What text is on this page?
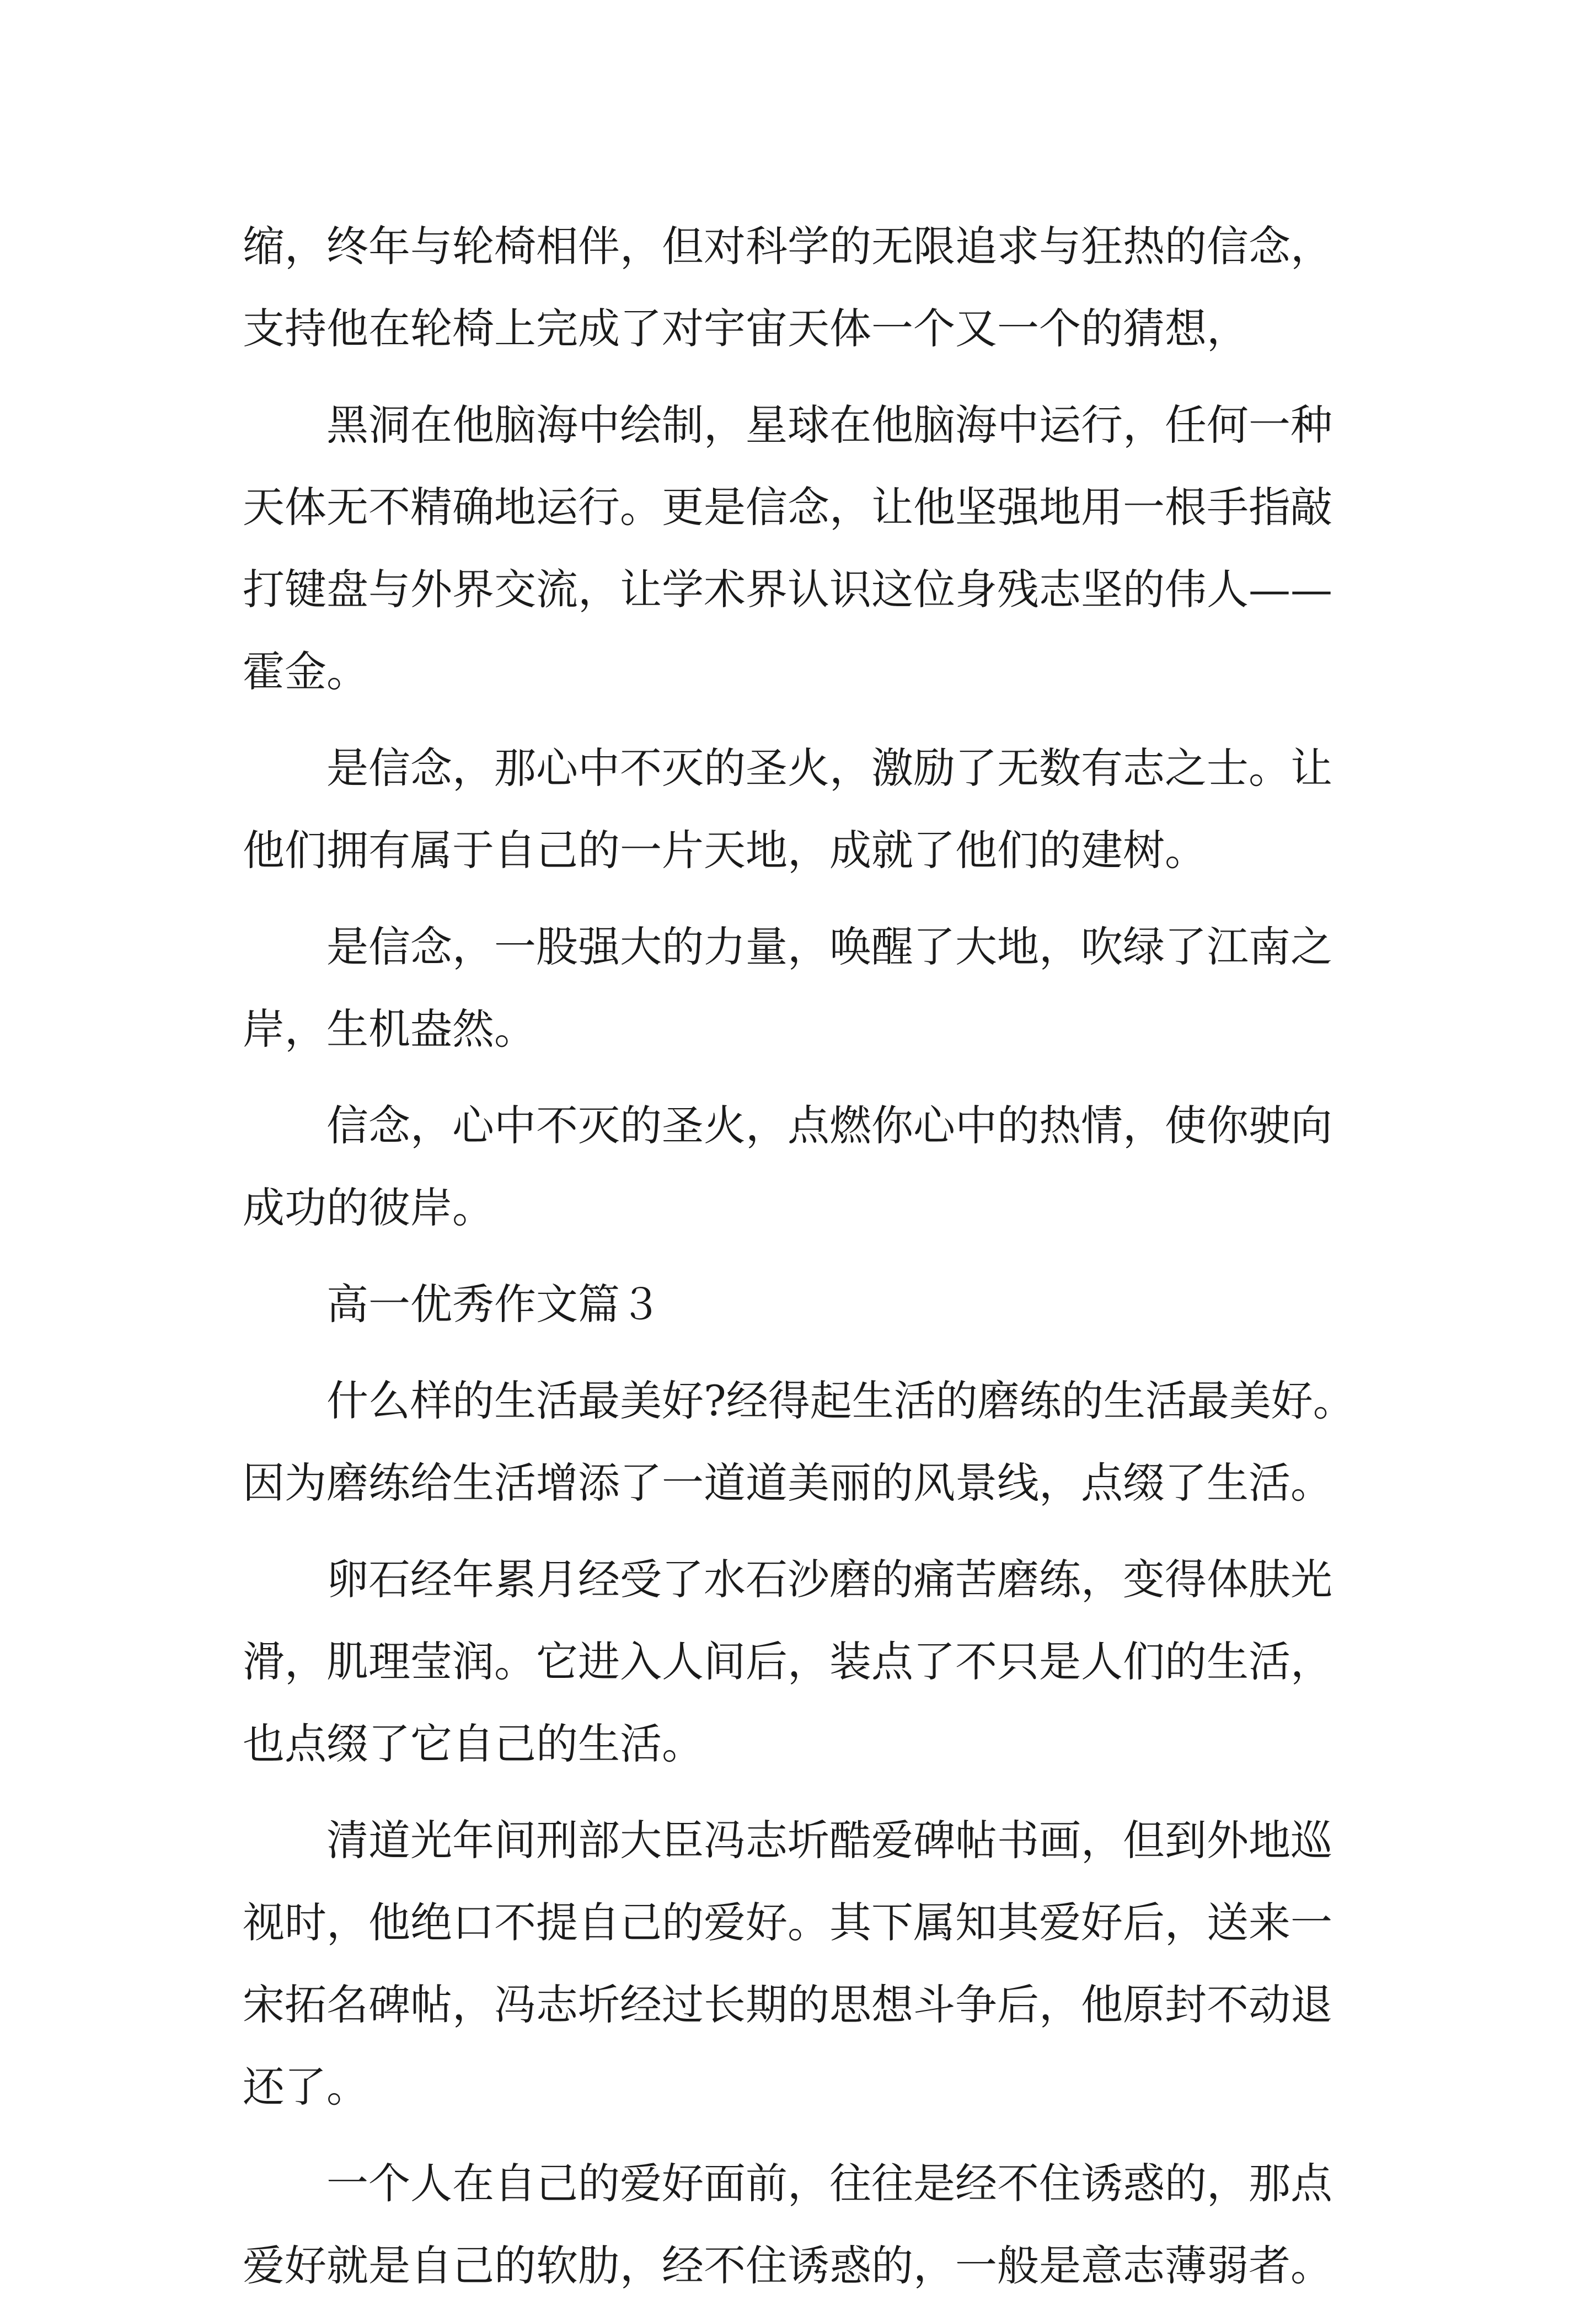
缩，终年与轮椅相伴，但对科学的无限追求与狂热的信念，
支持他在轮椅上完成了对宇宙天体一个又一个的猜想，
黑洞在他脑海中绘制，星球在他脑海中运行，任何一种
天体无不精确地运行。更是信念，让他坚强地用一根手指敲
打键盘与外界交流，让学术界认识这位身残志坚的伟人——
霍金。
是信念，那心中不灭的圣火，激励了无数有志之士。让
他们拥有属于自己的一片天地，成就了他们的建树。
是信念，一股强大的力量，唤醒了大地，吹绿了江南之
岸，生机盎然。
信念，心中不灭的圣火，点燃你心中的热情，使你驶向
成功的彼岸。
高一优秀作文篇３
什么样的生活最美好?经得起生活的磨练的生活最美好。
因为磨练给生活增添了一道道美丽的风景线，点缀了生活。
卵石经年累月经受了水石沙磨的痛苦磨练，变得体肤光
滑，肌理莹润。它进入人间后，装点了不只是人们的生活，
也点缀了它自己的生活。
清道光年间刑部大臣冯志圻酷爱碑帖书画，但到外地巡
视时，他绝口不提自己的爱好。其下属知其爱好后，送来一
宋拓名碑帖，冯志圻经过长期的思想斗争后，他原封不动退
还了。
一个人在自己的爱好面前，往往是经不住诱惑的，那点
爱好就是自己的软肋，经不住诱惑的，一般是意志薄弱者。
